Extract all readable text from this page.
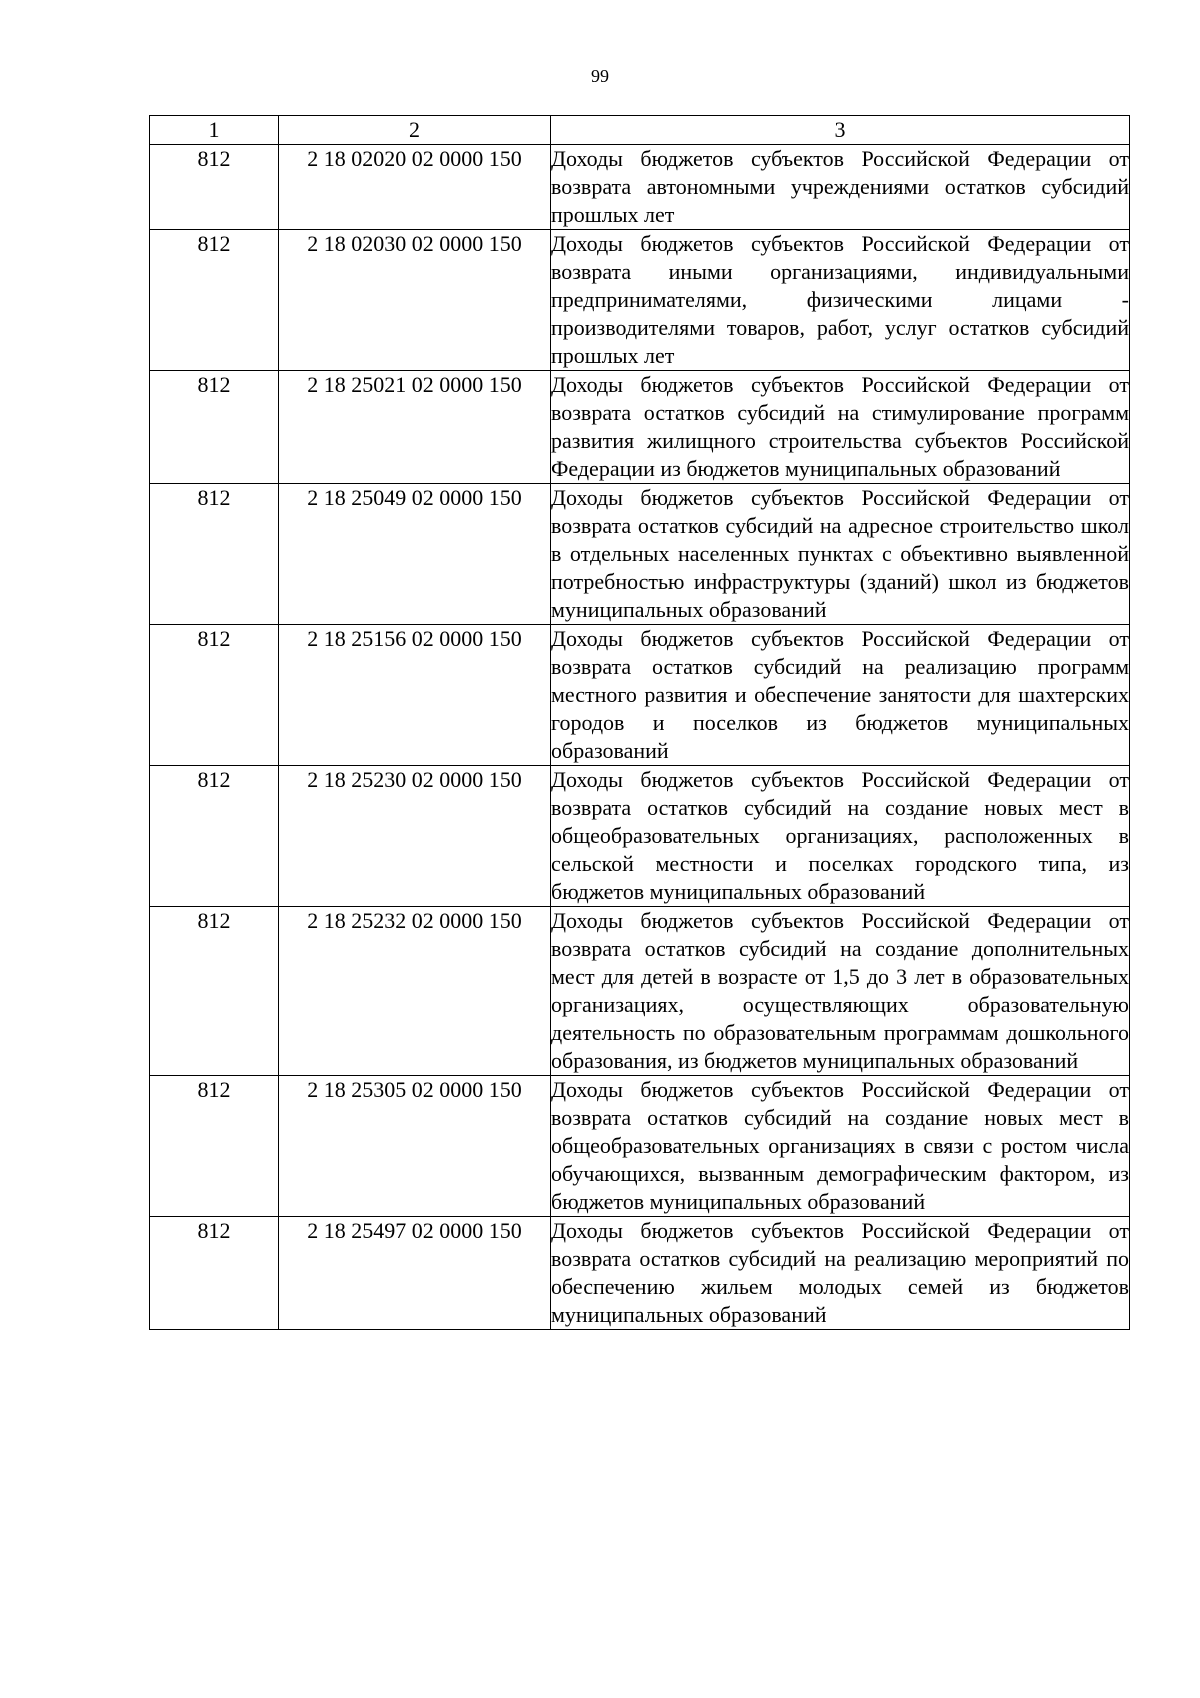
99
1	2	3
812	2 18 02020 02 0000 150	Доходы бюджетов субъектов Российской Федерации от возврата автономными учреждениями остатков субсидий прошлых лет
812	2 18 02030 02 0000 150	Доходы бюджетов субъектов Российской Федерации от возврата иными организациями, индивидуальными предпринимателями, физическими лицами - производителями товаров, работ, услуг остатков субсидий прошлых лет
812	2 18 25021 02 0000 150	Доходы бюджетов субъектов Российской Федерации от возврата остатков субсидий на стимулирование программ развития жилищного строительства субъектов Российской Федерации из бюджетов муниципальных образований
812	2 18 25049 02 0000 150	Доходы бюджетов субъектов Российской Федерации от возврата остатков субсидий на адресное строительство школ в отдельных населенных пунктах с объективно выявленной потребностью инфраструктуры (зданий) школ из бюджетов муниципальных образований
812	2 18 25156 02 0000 150	Доходы бюджетов субъектов Российской Федерации от возврата остатков субсидий на реализацию программ местного развития и обеспечение занятости для шахтерских городов и поселков из бюджетов муниципальных образований
812	2 18 25230 02 0000 150	Доходы бюджетов субъектов Российской Федерации от возврата остатков субсидий на создание новых мест в общеобразовательных организациях, расположенных в сельской местности и поселках городского типа, из бюджетов муниципальных образований
812	2 18 25232 02 0000 150	Доходы бюджетов субъектов Российской Федерации от возврата остатков субсидий на создание дополнительных мест для детей в возрасте от 1,5 до 3 лет в образовательных организациях, осуществляющих образовательную деятельность по образовательным программам дошкольного образования, из бюджетов муниципальных образований
812	2 18 25305 02 0000 150	Доходы бюджетов субъектов Российской Федерации от возврата остатков субсидий на создание новых мест в общеобразовательных организациях в связи с ростом числа обучающихся, вызванным демографическим фактором, из бюджетов муниципальных образований
812	2 18 25497 02 0000 150	Доходы бюджетов субъектов Российской Федерации от возврата остатков субсидий на реализацию мероприятий по обеспечению жильем молодых семей из бюджетов муниципальных образований
